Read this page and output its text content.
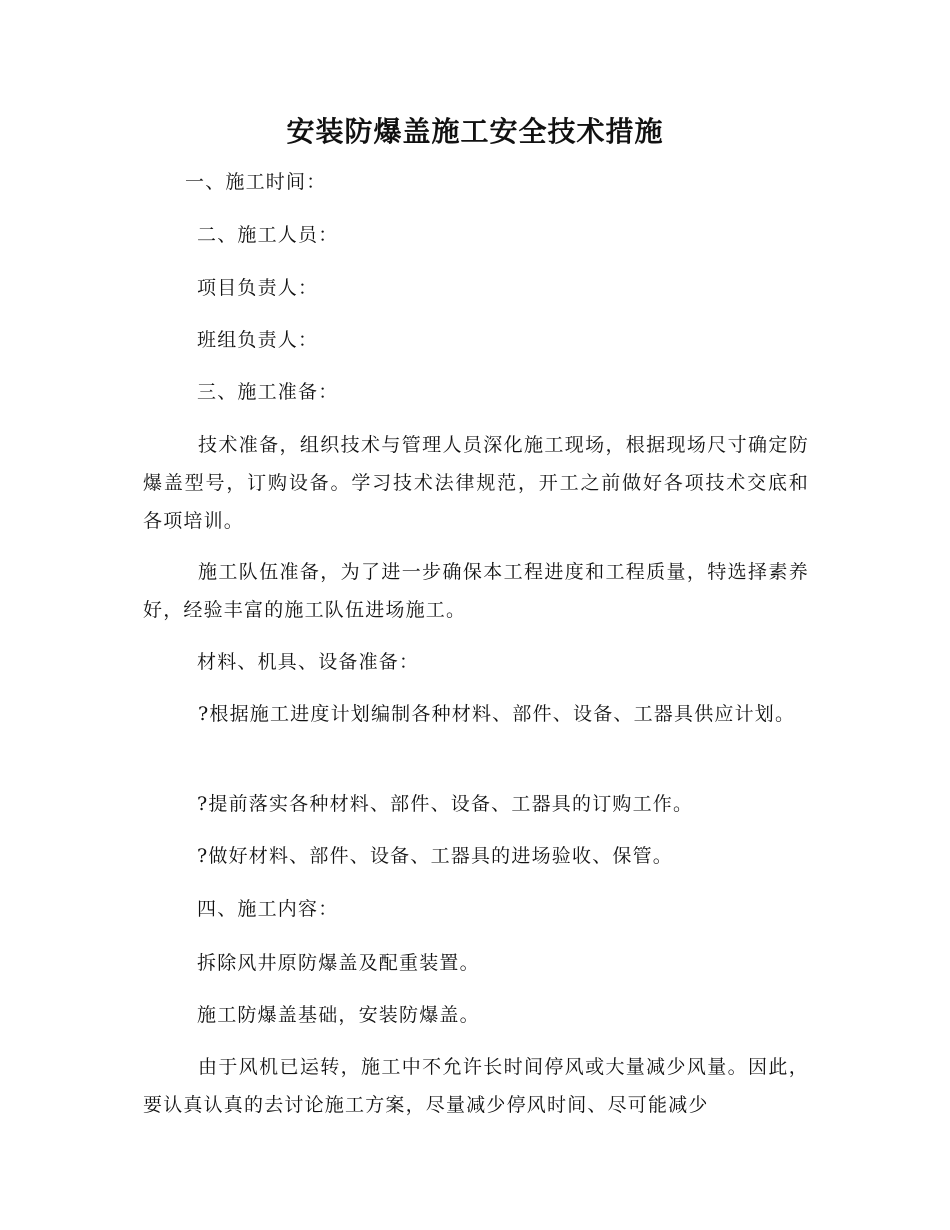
安装防爆盖施工安全技术措施
一、施工时间：
二、施工人员：
项目负责人：
班组负责人：
三、施工准备：
技术准备，组织技术与管理人员深化施工现场，根据现场尺寸确定防爆盖型号，订购设备。学习技术法律规范，开工之前做好各项技术交底和各项培训。
施工队伍准备，为了进一步确保本工程进度和工程质量，特选择素养好，经验丰富的施工队伍进场施工。
材料、机具、设备准备：
?根据施工进度计划编制各种材料、部件、设备、工器具供应计划。
?提前落实各种材料、部件、设备、工器具的订购工作。
?做好材料、部件、设备、工器具的进场验收、保管。
四、施工内容：
拆除风井原防爆盖及配重装置。
施工防爆盖基础，安装防爆盖。
由于风机已运转，施工中不允许长时间停风或大量减少风量。因此，要认真认真的去讨论施工方案，尽量减少停风时间、尽可能减少
